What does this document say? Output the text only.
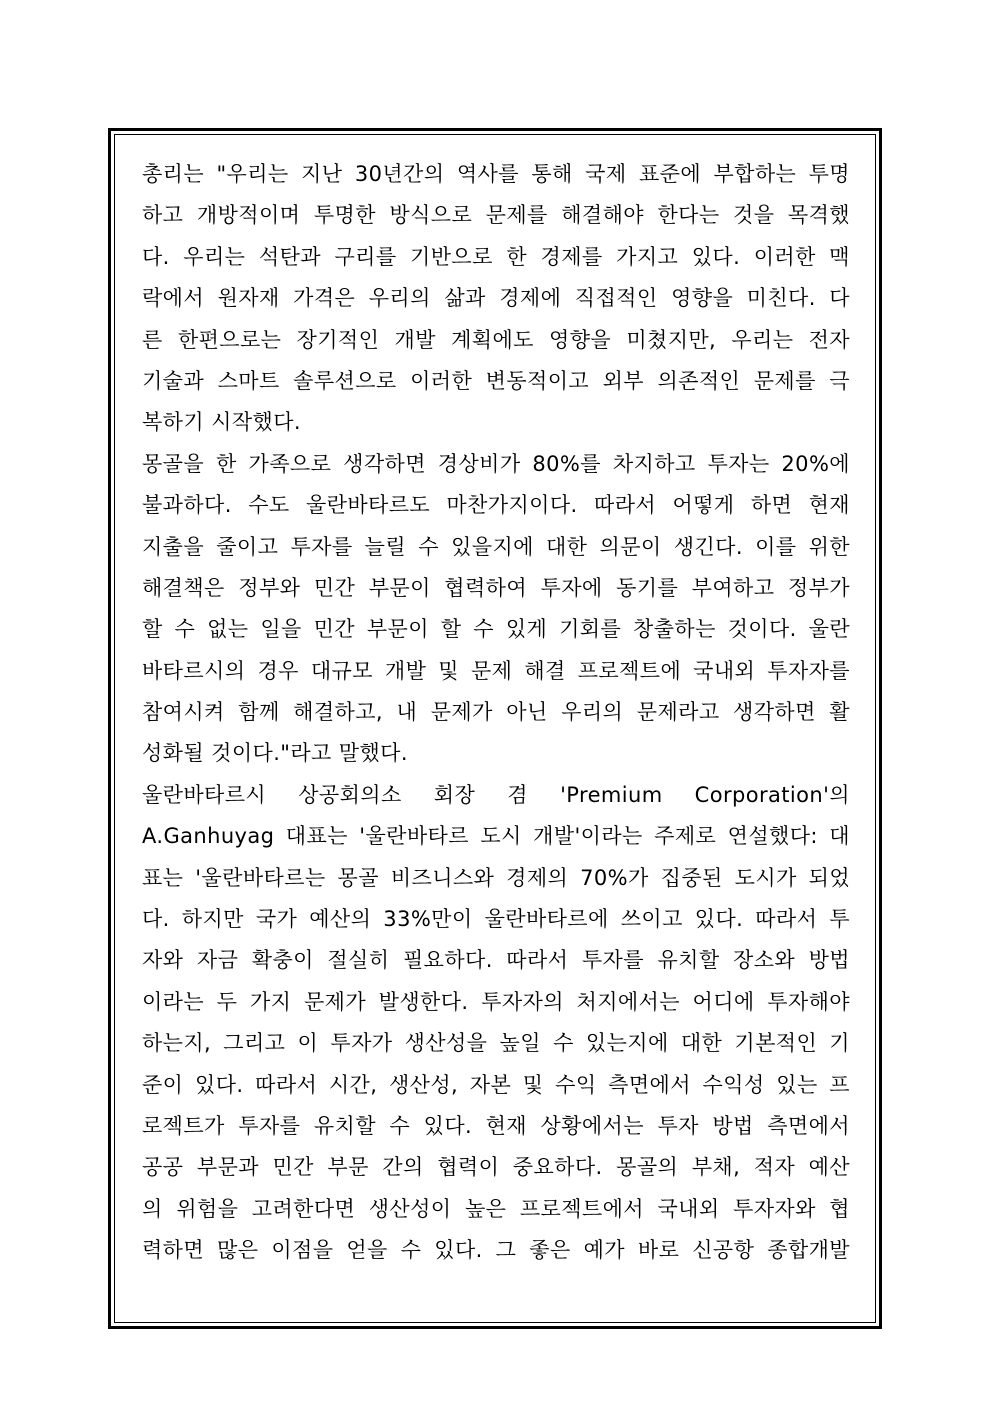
총리는 "우리는 지난 30년간의 역사를 통해 국제 표준에 부합하는 투명
하고 개방적이며 투명한 방식으로 문제를 해결해야 한다는 것을 목격했
다. 우리는 석탄과 구리를 기반으로 한 경제를 가지고 있다. 이러한 맥
락에서 원자재 가격은 우리의 삶과 경제에 직접적인 영향을 미친다. 다
른 한편으로는 장기적인 개발 계획에도 영향을 미쳤지만, 우리는 전자
기술과 스마트 솔루션으로 이러한 변동적이고 외부 의존적인 문제를 극
복하기 시작했다.
몽골을 한 가족으로 생각하면 경상비가 80%를 차지하고 투자는 20%에
불과하다. 수도 울란바타르도 마찬가지이다. 따라서 어떻게 하면 현재
지출을 줄이고 투자를 늘릴 수 있을지에 대한 의문이 생긴다. 이를 위한
해결책은 정부와 민간 부문이 협력하여 투자에 동기를 부여하고 정부가
할 수 없는 일을 민간 부문이 할 수 있게 기회를 창출하는 것이다. 울란
바타르시의 경우 대규모 개발 및 문제 해결 프로젝트에 국내외 투자자를
참여시켜 함께 해결하고, 내 문제가 아닌 우리의 문제라고 생각하면 활
성화될 것이다."라고 말했다.
울란바타르시 상공회의소 회장 겸 'Premium Corporation'의
A.Ganhuyag 대표는 '울란바타르 도시 개발'이라는 주제로 연설했다: 대
표는 '울란바타르는 몽골 비즈니스와 경제의 70%가 집중된 도시가 되었
다. 하지만 국가 예산의 33%만이 울란바타르에 쓰이고 있다. 따라서 투
자와 자금 확충이 절실히 필요하다. 따라서 투자를 유치할 장소와 방법
이라는 두 가지 문제가 발생한다. 투자자의 처지에서는 어디에 투자해야
하는지, 그리고 이 투자가 생산성을 높일 수 있는지에 대한 기본적인 기
준이 있다. 따라서 시간, 생산성, 자본 및 수익 측면에서 수익성 있는 프
로젝트가 투자를 유치할 수 있다. 현재 상황에서는 투자 방법 측면에서
공공 부문과 민간 부문 간의 협력이 중요하다. 몽골의 부채, 적자 예산
의 위험을 고려한다면 생산성이 높은 프로젝트에서 국내외 투자자와 협
력하면 많은 이점을 얻을 수 있다. 그 좋은 예가 바로 신공항 종합개발
